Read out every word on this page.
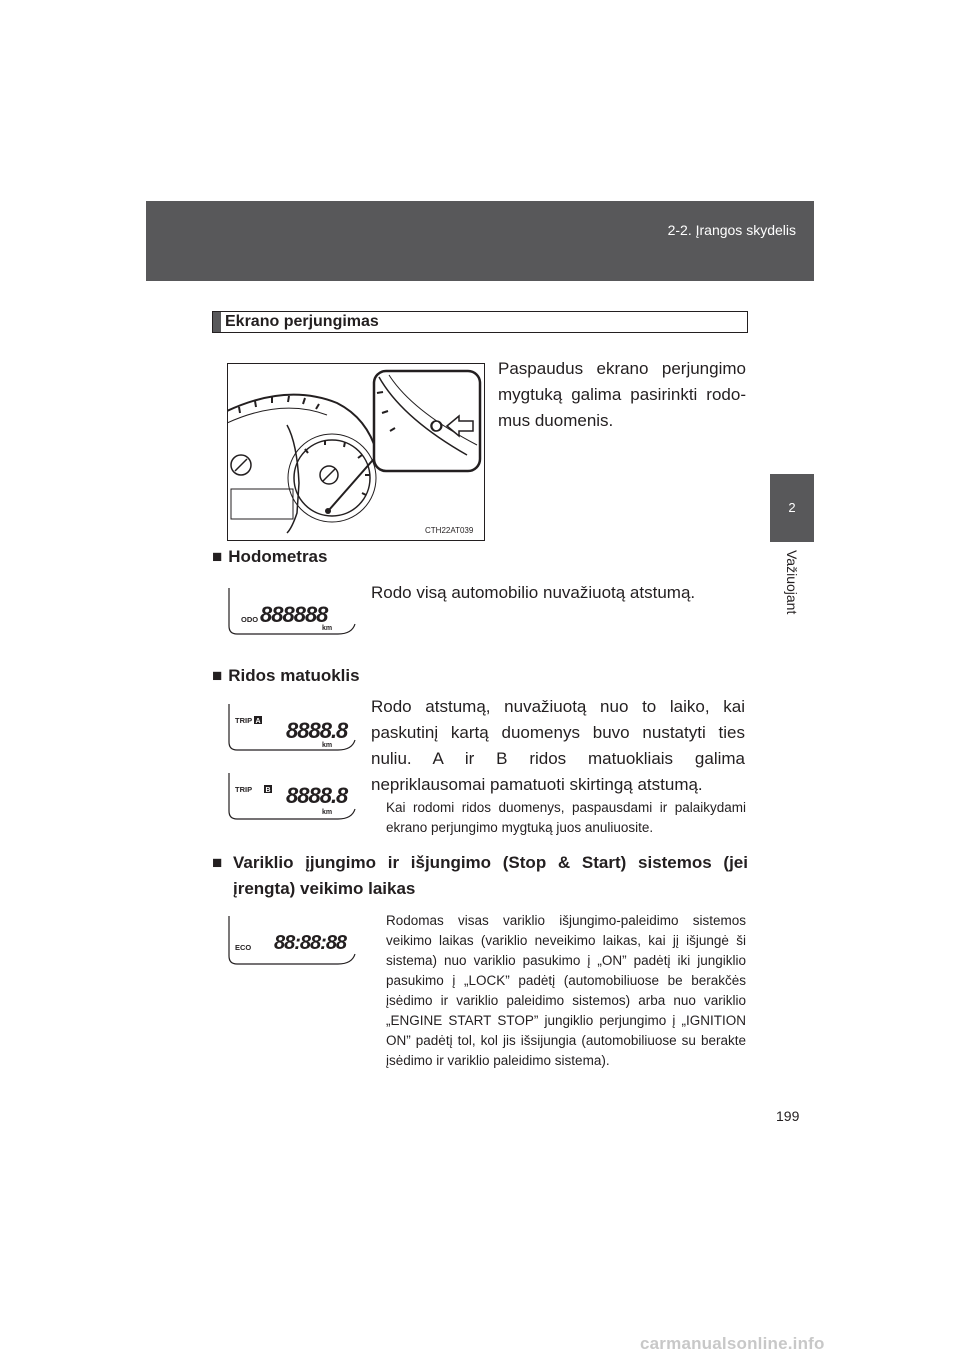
2-2. Įrangos skydelis
2
Važiuojant
Ekrano perjungimas
CTH22AT039
Paspaudus ekrano perjungimo mygtuką galima pasirinkti rodomus duomenis.
■ Hodometras
ODO 888888
km
Rodo visą automobilio nuvažiuotą atstumą.
■ Ridos matuoklis
TRIP A 8888.8
km
TRIP B 8888.8
km
Rodo atstumą, nuvažiuotą nuo to laiko, kai paskutinį kartą duomenys buvo nustatyti ties nuliu. A ir B ridos matuokliais galima nepriklausomai pamatuoti skirtingą atstumą.
Kai rodomi ridos duomenys, paspausdami ir palaikydami ekrano perjungimo mygtuką juos anuliuosite.
■ Variklio įjungimo ir išjungimo (Stop & Start) sistemos (jei įrengta) veikimo laikas
ECO 88:88:88
Rodomas visas variklio išjungimo-paleidimo sistemos veikimo laikas (variklio neveikimo laikas, kai jį išjungė ši sistema) nuo variklio pasukimo į „ON” padėtį iki jungiklio pasukimo į „LOCK” padėtį (automobiliuose be berakčės įsėdimo ir variklio paleidimo sistemos) arba nuo variklio „ENGINE START STOP” jungiklio perjungimo į „IGNITION ON” padėtį tol, kol jis išsijungia (automobiliuose su berakte įsėdimo ir variklio paleidimo sistema).
199
carmanualsonline.info
